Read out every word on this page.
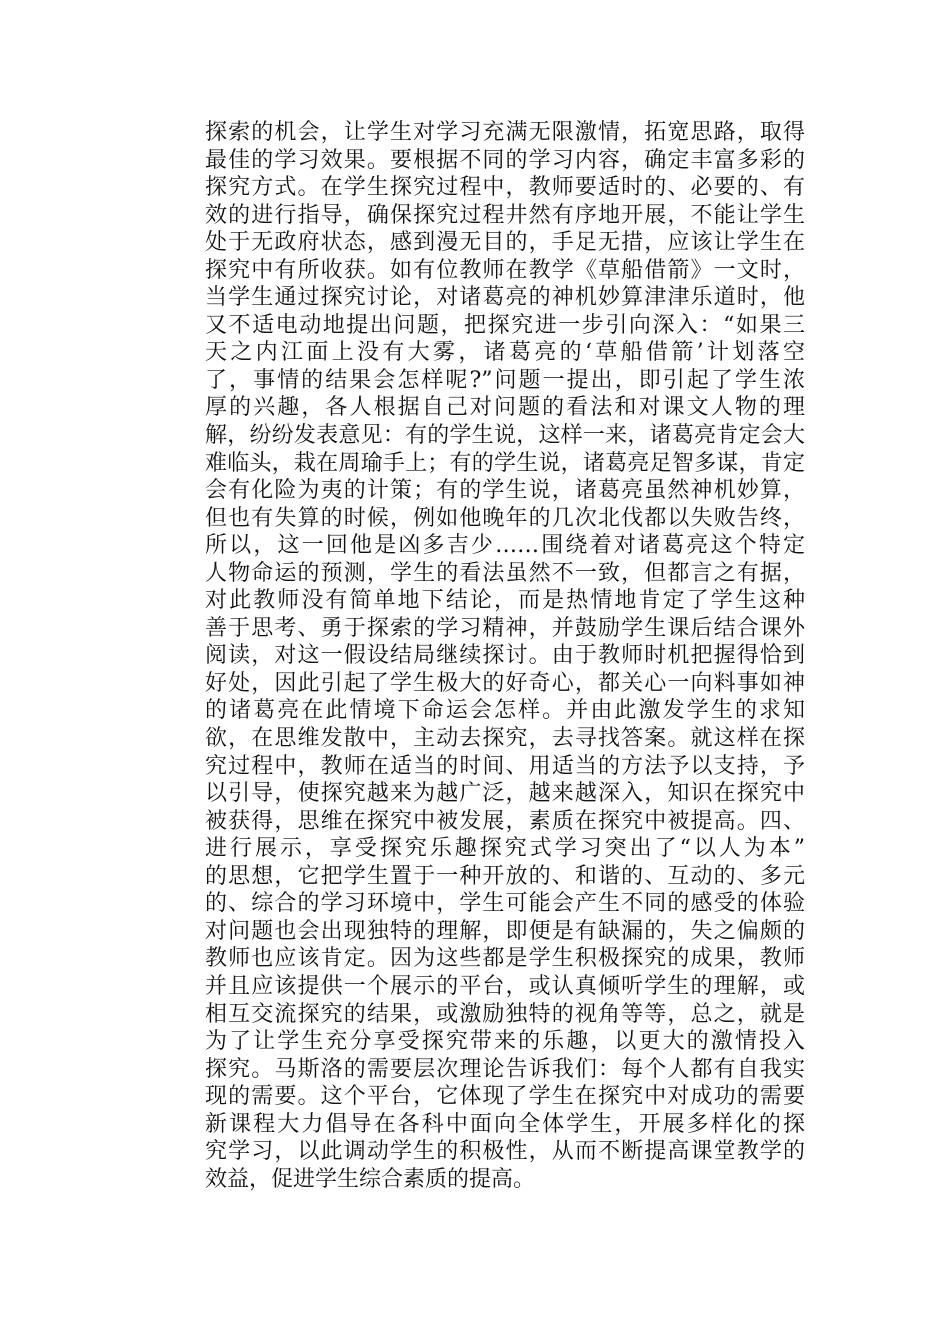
探索的机会，让学生对学习充满无限激情，拓宽思路，取得
最佳的学习效果。要根据不同的学习内容，确定丰富多彩的
探究方式。在学生探究过程中，教师要适时的、必要的、有
效的进行指导，确保探究过程井然有序地开展，不能让学生
处于无政府状态，感到漫无目的，手足无措，应该让学生在
探究中有所收获。如有位教师在教学《草船借箭》一文时，
当学生通过探究讨论，对诸葛亮的神机妙算津津乐道时，他
又不适电动地提出问题，把探究进一步引向深入：“如果三
天之内江面上没有大雾，诸葛亮的‘草船借箭’计划落空
了，事情的结果会怎样呢?”问题一提出，即引起了学生浓
厚的兴趣，各人根据自己对问题的看法和对课文人物的理
解，纷纷发表意见：有的学生说，这样一来，诸葛亮肯定会大
难临头，栽在周瑜手上；有的学生说，诸葛亮足智多谋，肯定
会有化险为夷的计策；有的学生说，诸葛亮虽然神机妙算，
但也有失算的时候，例如他晚年的几次北伐都以失败告终，
所以，这一回他是凶多吉少……围绕着对诸葛亮这个特定
人物命运的预测，学生的看法虽然不一致，但都言之有据，
对此教师没有简单地下结论，而是热情地肯定了学生这种
善于思考、勇于探索的学习精神，并鼓励学生课后结合课外
阅读，对这一假设结局继续探讨。由于教师时机把握得恰到
好处，因此引起了学生极大的好奇心，都关心一向料事如神
的诸葛亮在此情境下命运会怎样。并由此激发学生的求知
欲，在思维发散中，主动去探究，去寻找答案。就这样在探
究过程中，教师在适当的时间、用适当的方法予以支持，予
以引导，使探究越来为越广泛，越来越深入，知识在探究中
被获得，思维在探究中被发展，素质在探究中被提高。四、
进行展示，享受探究乐趣探究式学习突出了“以人为本”
的思想，它把学生置于一种开放的、和谐的、互动的、多元
的、综合的学习环境中，学生可能会产生不同的感受的体验
对问题也会出现独特的理解，即便是有缺漏的，失之偏颇的
教师也应该肯定。因为这些都是学生积极探究的成果，教师
并且应该提供一个展示的平台，或认真倾听学生的理解，或
相互交流探究的结果，或激励独特的视角等等，总之，就是
为了让学生充分享受探究带来的乐趣，以更大的激情投入
探究。马斯洛的需要层次理论告诉我们：每个人都有自我实
现的需要。这个平台，它体现了学生在探究中对成功的需要
新课程大力倡导在各科中面向全体学生，开展多样化的探
究学习，以此调动学生的积极性，从而不断提高课堂教学的
效益，促进学生综合素质的提高。
